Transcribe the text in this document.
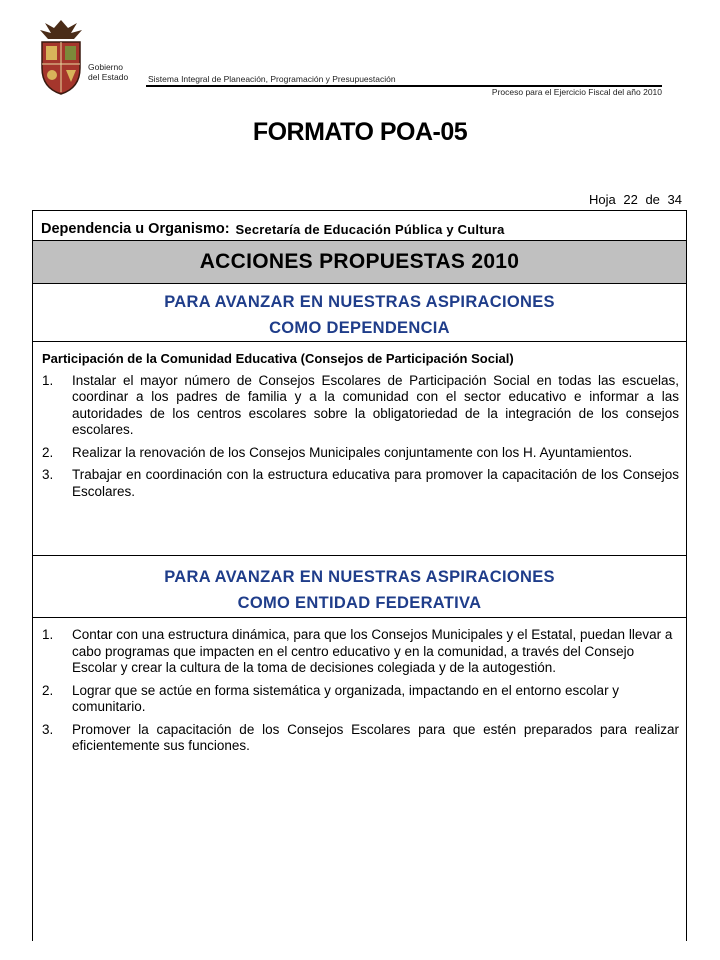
Gobierno
del Estado Sistema Integral de Planeación, Programación y Presupuestación
Proceso para el Ejercicio Fiscal del año 2010
FORMATO POA-05
Hoja 22 de 34
Dependencia u Organismo: Secretaría de Educación Pública y Cultura
ACCIONES PROPUESTAS 2010
PARA AVANZAR EN NUESTRAS ASPIRACIONES
COMO DEPENDENCIA
Participación de la Comunidad Educativa (Consejos de Participación Social)
1.	Instalar el mayor número de Consejos Escolares de Participación Social en todas las escuelas, coordinar a los padres de familia y a la comunidad con el sector educativo e informar a las autoridades de los centros escolares sobre la obligatoriedad de la integración de los consejos escolares.
2.	Realizar la renovación de los Consejos Municipales conjuntamente con los H. Ayuntamientos.
3.	Trabajar en coordinación con la estructura educativa para promover la capacitación de los Consejos Escolares.
PARA AVANZAR EN NUESTRAS ASPIRACIONES
COMO ENTIDAD FEDERATIVA
1.	Contar con una estructura dinámica, para que los Consejos Municipales y el Estatal, puedan llevar a cabo programas que impacten en el centro educativo y en la comunidad, a través del Consejo Escolar y crear la cultura de la toma de decisiones colegiada y de la autogestión.
2.	Lograr que se actúe en forma sistemática y organizada, impactando en el entorno escolar y comunitario.
3.	Promover la capacitación de los Consejos Escolares para que estén preparados para realizar eficientemente sus funciones.
